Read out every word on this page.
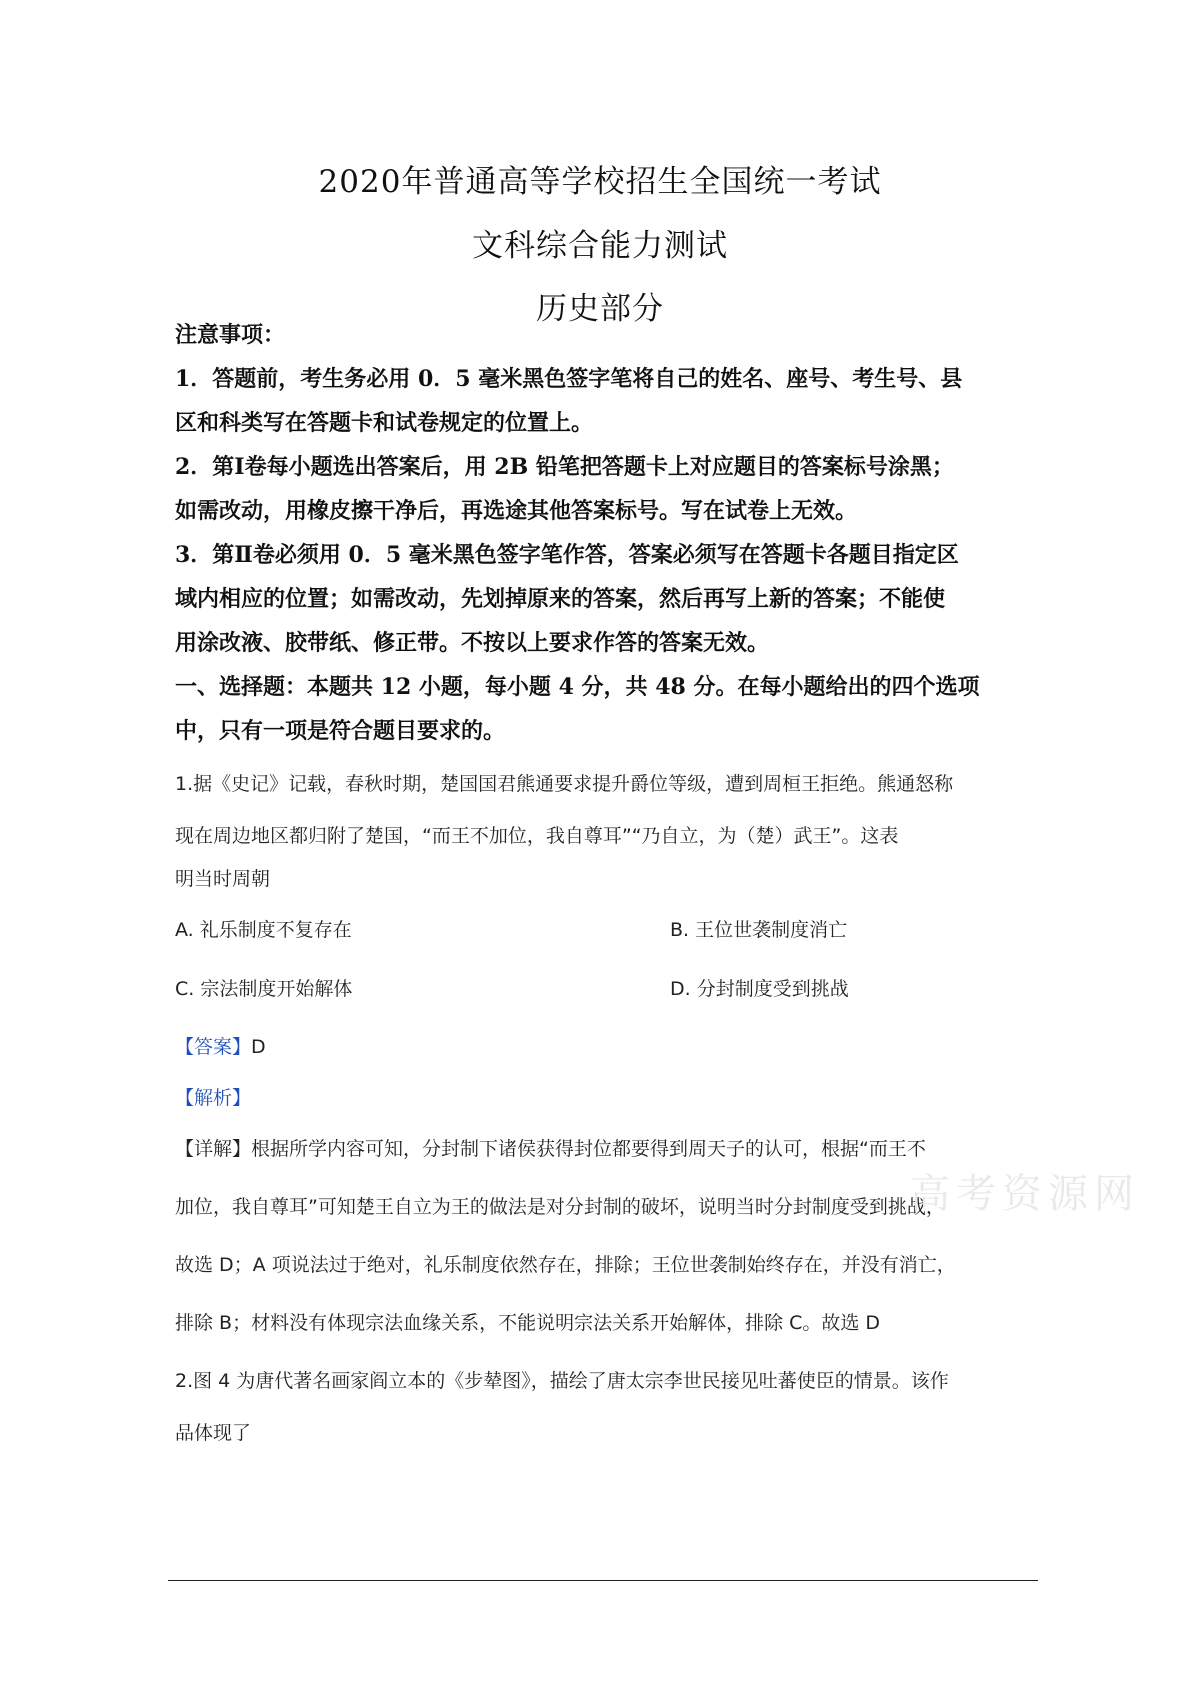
2020年普通高等学校招生全国统一考试
文科综合能力测试
历史部分
注意事项：
1．答题前，考生务必用 0．5 毫米黑色签字笔将自己的姓名、座号、考生号、县
区和科类写在答题卡和试卷规定的位置上。
2．第Ⅰ卷每小题选出答案后，用 2B 铅笔把答题卡上对应题目的答案标号涂黑；
如需改动，用橡皮擦干净后，再选途其他答案标号。写在试卷上无效。
3．第Ⅱ卷必须用 0．5 毫米黑色签字笔作答，答案必须写在答题卡各题目指定区
域内相应的位置；如需改动，先划掉原来的答案，然后再写上新的答案；不能使
用涂改液、胶带纸、修正带。不按以上要求作答的答案无效。
一、选择题：本题共 12 小题，每小题 4 分，共 48 分。在每小题给出的四个选项
中，只有一项是符合题目要求的。
1.据《史记》记载，春秋时期，楚国国君熊通要求提升爵位等级，遭到周桓王拒绝。熊通怒称
现在周边地区都归附了楚国，“而王不加位，我自尊耳”“乃自立，为（楚）武王”。这表
明当时周朝
A. 礼乐制度不复存在	B. 王位世袭制度消亡
C. 宗法制度开始解体	D. 分封制度受到挑战
【答案】D
【解析】
【详解】根据所学内容可知，分封制下诸侯获得封位都要得到周天子的认可，根据“而王不
加位，我自尊耳”可知楚王自立为王的做法是对分封制的破坏，说明当时分封制度受到挑战，
故选 D；A 项说法过于绝对，礼乐制度依然存在，排除；王位世袭制始终存在，并没有消亡，
排除 B；材料没有体现宗法血缘关系，不能说明宗法关系开始解体，排除 C。故选 D
2.图 4 为唐代著名画家阎立本的《步辇图》，描绘了唐太宗李世民接见吐蕃使臣的情景。该作
品体现了
高考资源网
